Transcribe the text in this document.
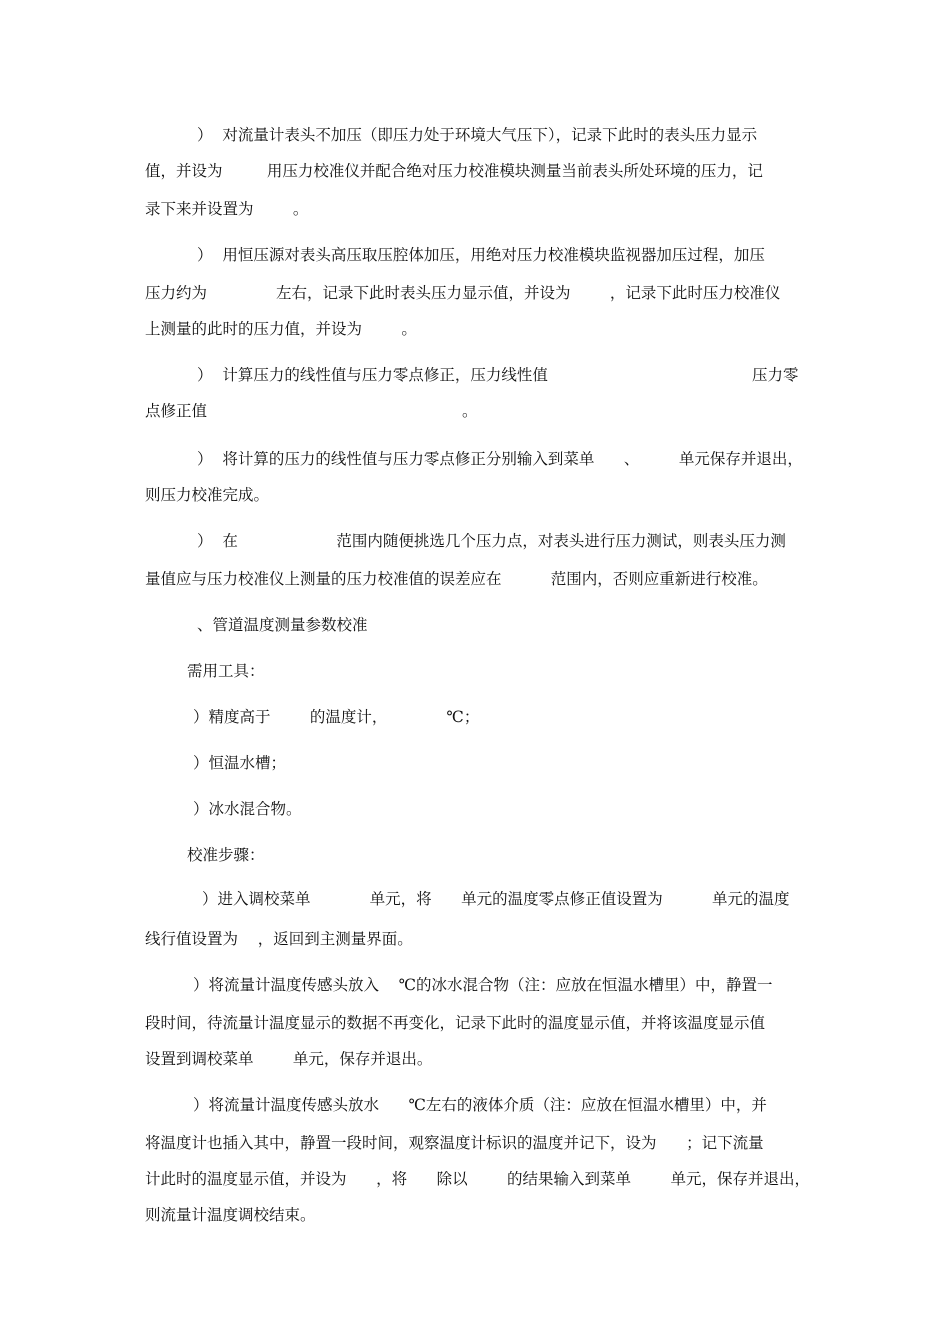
）  对流量计表头不加压（即压力处于环境大气压下），记录下此时的表头压力显示
值，并设为         用压力校准仪并配合绝对压力校准模块测量当前表头所处环境的压力，记
录下来并设置为        。
）  用恒压源对表头高压取压腔体加压，用绝对压力校准模块监视器加压过程，加压
压力约为              左右，记录下此时表头压力显示值，并设为        ，记录下此时压力校准仪
上测量的此时的压力值，并设为        。
）  计算压力的线性值与压力零点修正，压力线性值	压力零
点修正值	。
）  将计算的压力的线性值与压力零点修正分别输入到菜单      、        单元保存并退出，
则压力校准完成。
）  在                    范围内随便挑选几个压力点，对表头进行压力测试，则表头压力测
量值应与压力校准仪上测量的压力校准值的误差应在          范围内，否则应重新进行校准。
、管道温度测量参数校准
需用工具：
）精度高于        的温度计，            ℃；
）恒温水槽；
）冰水混合物。
校准步骤：
）进入调校菜单            单元，将      单元的温度零点修正值设置为          单元的温度
线行值设置为    ，返回到主测量界面。
）将流量计温度传感头放入    ℃的冰水混合物（注：应放在恒温水槽里）中，静置一
段时间，待流量计温度显示的数据不再变化，记录下此时的温度显示值，并将该温度显示值
设置到调校菜单        单元，保存并退出。
）将流量计温度传感头放水      ℃左右的液体介质（注：应放在恒温水槽里）中，并
将温度计也插入其中，静置一段时间，观察温度计标识的温度并记下，设为      ；记下流量
计此时的温度显示值，并设为      ，将      除以        的结果输入到菜单        单元，保存并退出，
则流量计温度调校结束。
